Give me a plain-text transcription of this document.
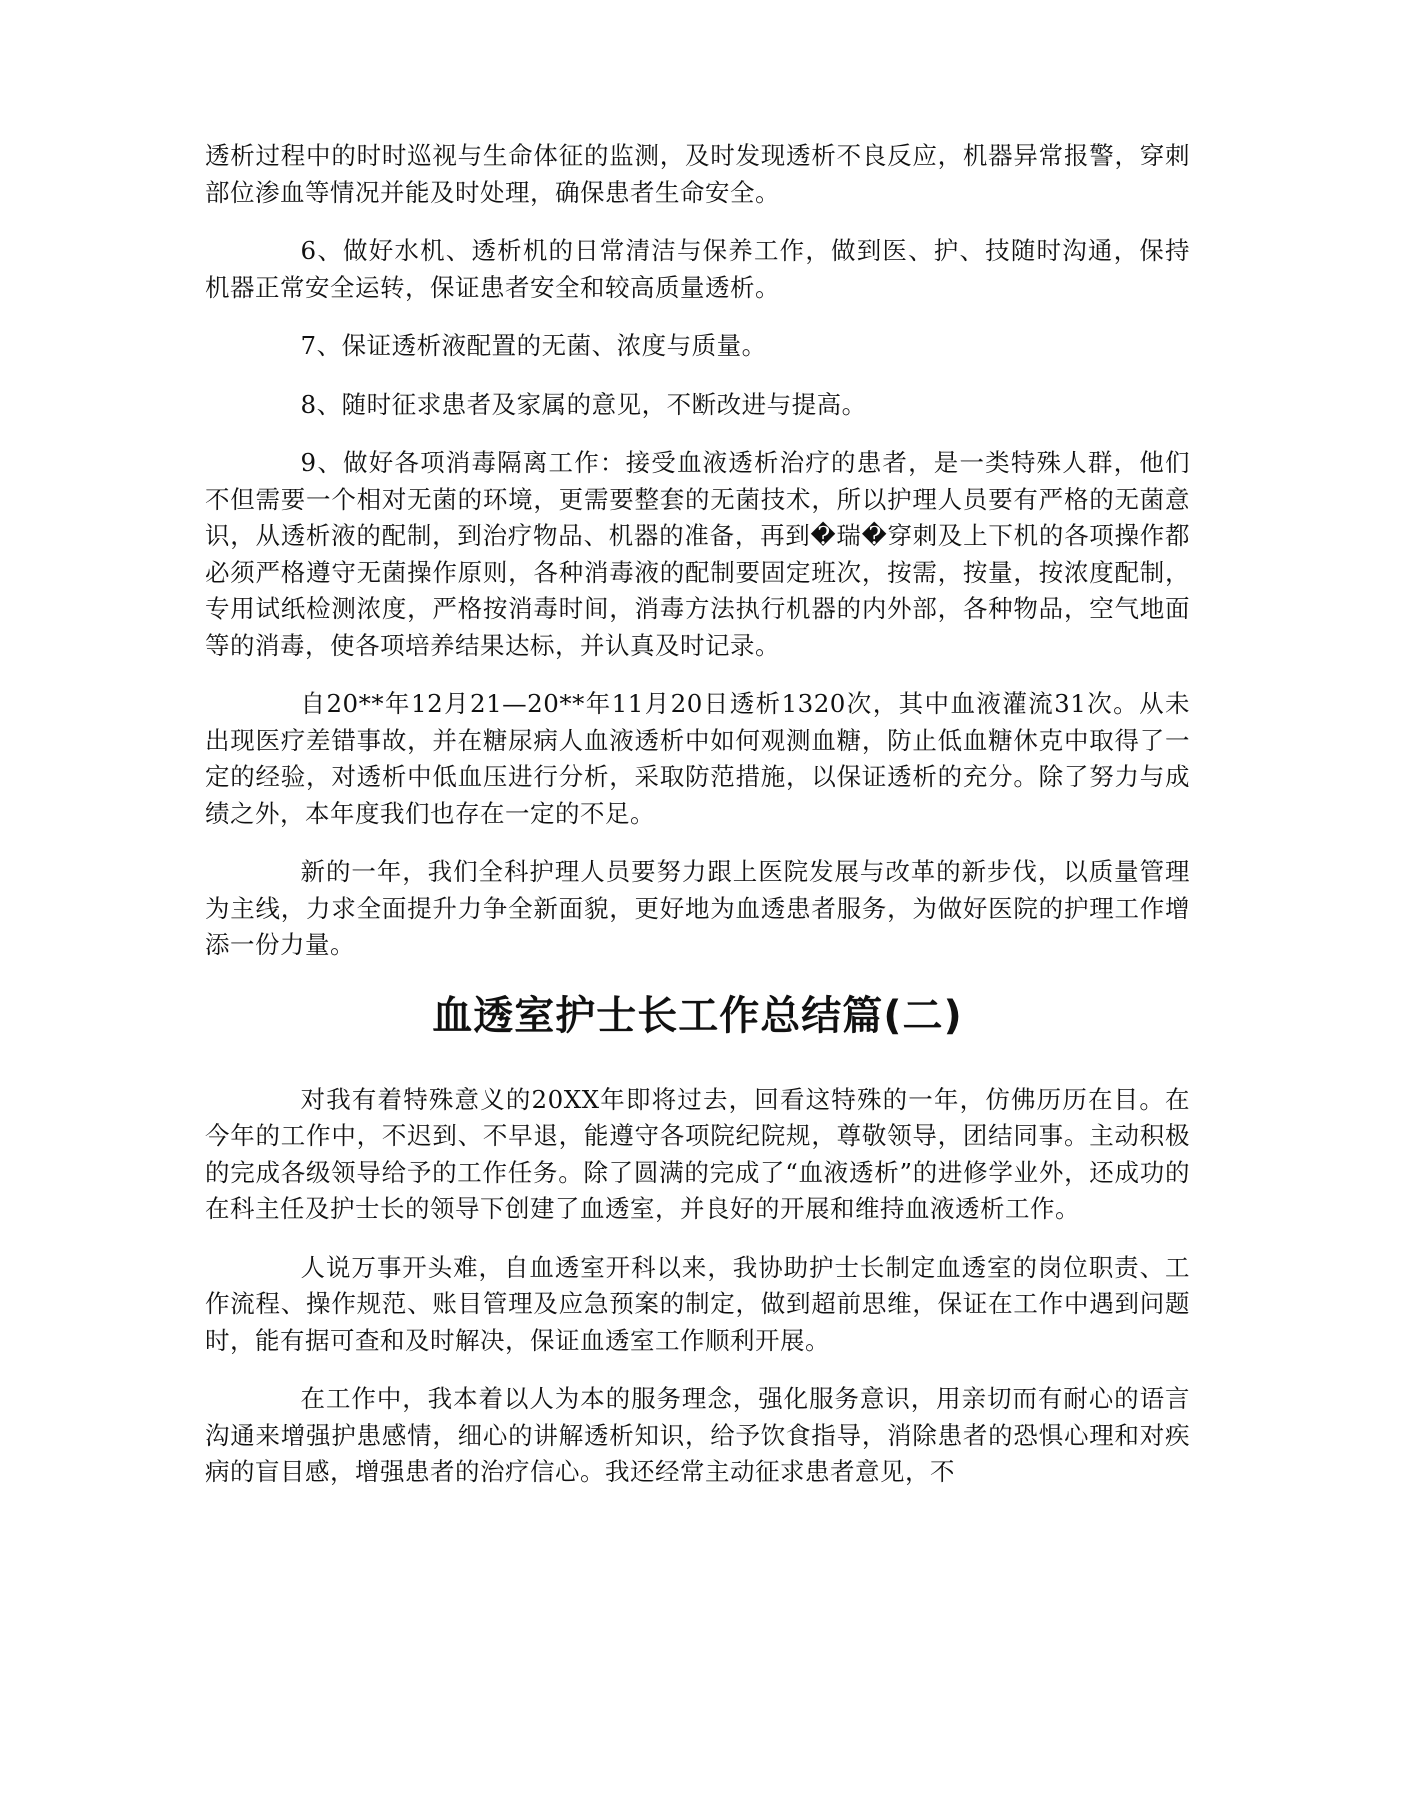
透析过程中的时时巡视与生命体征的监测，及时发现透析不良反应，机器异常报警，穿刺部位渗血等情况并能及时处理，确保患者生命安全。

6、做好水机、透析机的日常清洁与保养工作，做到医、护、技随时沟通，保持机器正常安全运转，保证患者安全和较高质量透析。

7、保证透析液配置的无菌、浓度与质量。

8、随时征求患者及家属的意见，不断改进与提高。

9、做好各项消毒隔离工作：接受血液透析治疗的患者，是一类特殊人群，他们不但需要一个相对无菌的环境，更需要整套的无菌技术，所以护理人员要有严格的无菌意识，从透析液的配制，到治疗物品、机器的准备，再到�瑞�穿刺及上下机的各项操作都必须严格遵守无菌操作原则，各种消毒液的配制要固定班次，按需，按量，按浓度配制，专用试纸检测浓度，严格按消毒时间，消毒方法执行机器的内外部，各种物品，空气地面等的消毒，使各项培养结果达标，并认真及时记录。

自20**年12月21—20**年11月20日透析1320次，其中血液灌流31次。从未出现医疗差错事故，并在糖尿病人血液透析中如何观测血糖，防止低血糖休克中取得了一定的经验，对透析中低血压进行分析，采取防范措施，以保证透析的充分。除了努力与成绩之外，本年度我们也存在一定的不足。

新的一年，我们全科护理人员要努力跟上医院发展与改革的新步伐，以质量管理为主线，力求全面提升力争全新面貌，更好地为血透患者服务，为做好医院的护理工作增添一份力量。

血透室护士长工作总结篇(二)

对我有着特殊意义的20XX年即将过去，回看这特殊的一年，仿佛历历在目。在今年的工作中，不迟到、不早退，能遵守各项院纪院规，尊敬领导，团结同事。主动积极的完成各级领导给予的工作任务。除了圆满的完成了“血液透析”的进修学业外，还成功的在科主任及护士长的领导下创建了血透室，并良好的开展和维持血液透析工作。

人说万事开头难，自血透室开科以来，我协助护士长制定血透室的岗位职责、工作流程、操作规范、账目管理及应急预案的制定，做到超前思维，保证在工作中遇到问题时，能有据可查和及时解决，保证血透室工作顺利开展。

在工作中，我本着以人为本的服务理念，强化服务意识，用亲切而有耐心的语言沟通来增强护患感情，细心的讲解透析知识，给予饮食指导，消除患者的恐惧心理和对疾病的盲目感，增强患者的治疗信心。我还经常主动征求患者意见，不
